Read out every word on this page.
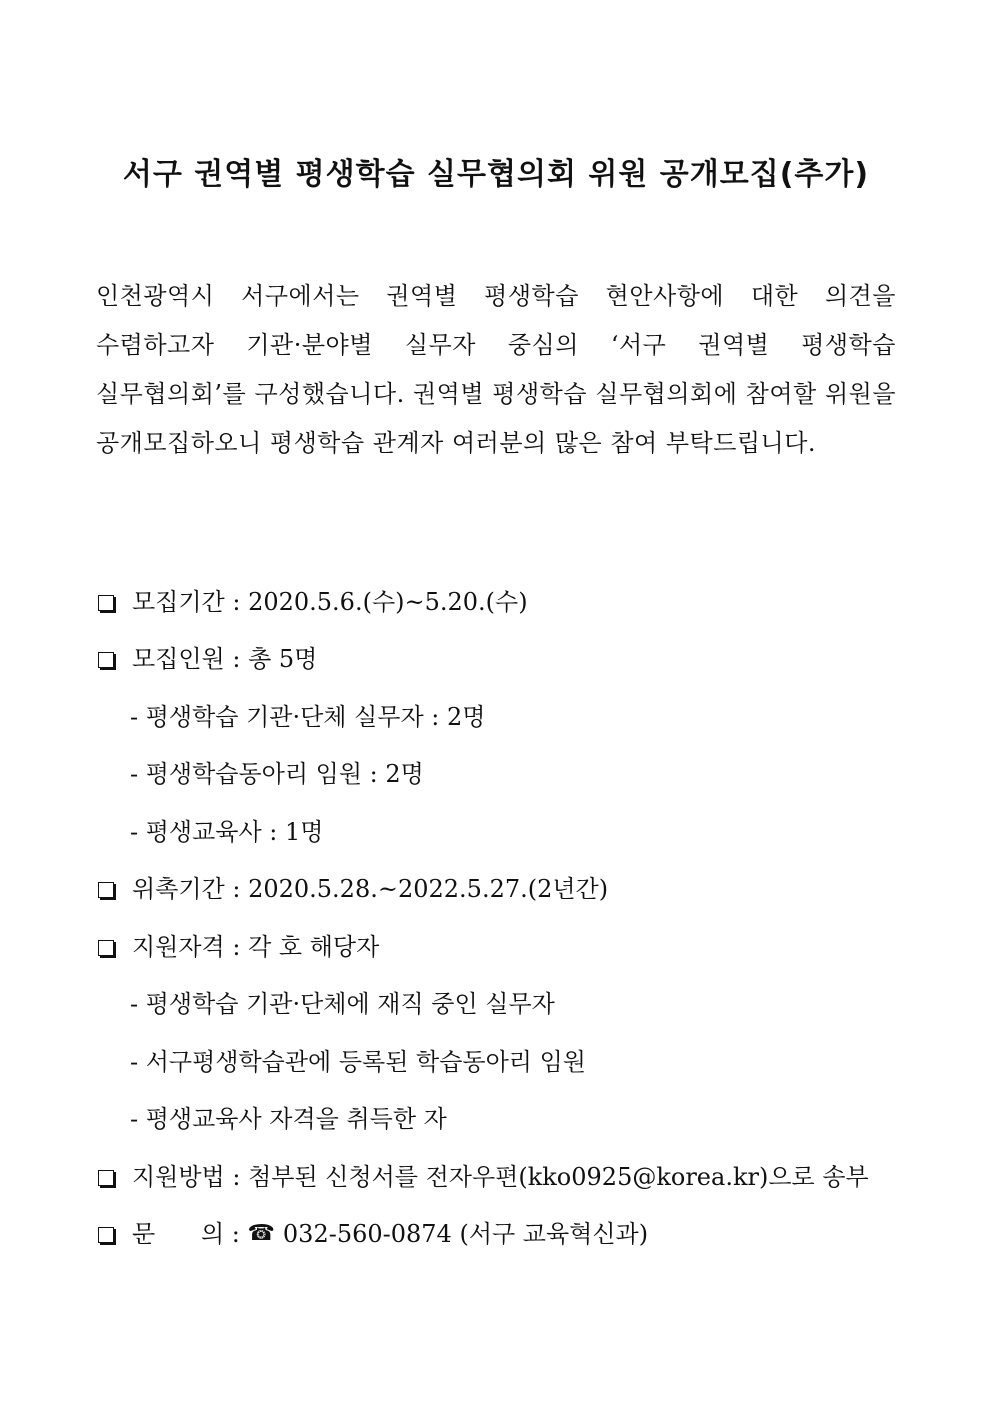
서구 권역별 평생학습 실무협의회 위원 공개모집(추가)

인천광역시 서구에서는 권역별 평생학습 현안사항에 대한 의견을 수렴하고자 기관·분야별 실무자 중심의 ‘서구 권역별 평생학습 실무협의회’를 구성했습니다. 권역별 평생학습 실무협의회에 참여할 위원을 공개모집하오니 평생학습 관계자 여러분의 많은 참여 부탁드립니다.

모집기간 : 2020.5.6.(수)~5.20.(수)
모집인원 : 총 5명
- 평생학습 기관·단체 실무자 : 2명
- 평생학습동아리 임원 : 2명
- 평생교육사 : 1명
위촉기간 : 2020.5.28.~2022.5.27.(2년간)
지원자격 : 각 호 해당자
- 평생학습 기관·단체에 재직 중인 실무자
- 서구평생학습관에 등록된 학습동아리 임원
- 평생교육사 자격을 취득한 자
지원방법 : 첨부된 신청서를 전자우편(kko0925@korea.kr)으로 송부
문      의 : ☎ 032-560-0874 (서구 교육혁신과)
